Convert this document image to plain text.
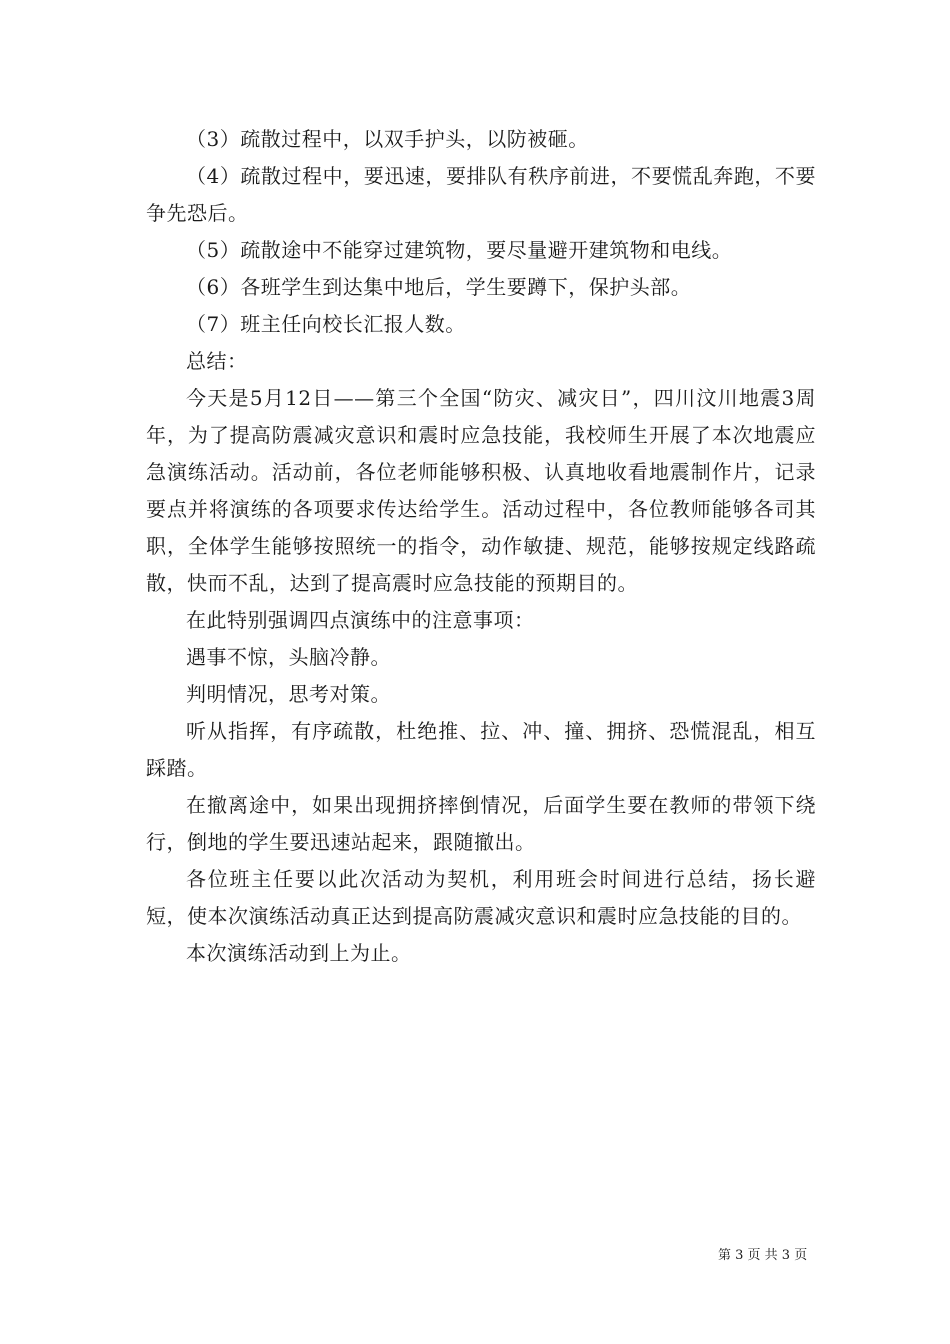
（3）疏散过程中，以双手护头，以防被砸。

（4）疏散过程中，要迅速，要排队有秩序前进，不要慌乱奔跑，不要争先恐后。

（5）疏散途中不能穿过建筑物，要尽量避开建筑物和电线。

（6）各班学生到达集中地后，学生要蹲下，保护头部。

（7）班主任向校长汇报人数。

总结：

今天是5月12日——第三个全国“防灾、减灾日”，四川汶川地震3周年，为了提高防震减灾意识和震时应急技能，我校师生开展了本次地震应急演练活动。活动前，各位老师能够积极、认真地收看地震制作片，记录要点并将演练的各项要求传达给学生。活动过程中，各位教师能够各司其职，全体学生能够按照统一的指令，动作敏捷、规范，能够按规定线路疏散，快而不乱，达到了提高震时应急技能的预期目的。

在此特别强调四点演练中的注意事项：

遇事不惊，头脑冷静。

判明情况，思考对策。

听从指挥，有序疏散，杜绝推、拉、冲、撞、拥挤、恐慌混乱，相互踩踏。

在撤离途中，如果出现拥挤摔倒情况，后面学生要在教师的带领下绕行，倒地的学生要迅速站起来，跟随撤出。

各位班主任要以此次活动为契机，利用班会时间进行总结，扬长避短，使本次演练活动真正达到提高防震减灾意识和震时应急技能的目的。

本次演练活动到上为止。

第 3 页 共 3 页
